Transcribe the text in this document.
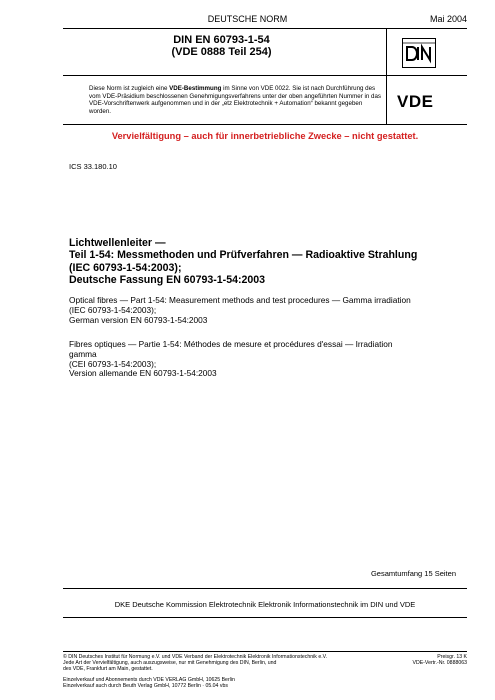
DEUTSCHE NORM	Mai 2004
DIN EN 60793-1-54
(VDE 0888 Teil 254)
Diese Norm ist zugleich eine VDE-Bestimmung im Sinne von VDE 0022. Sie ist nach Durchführung des vom VDE-Präsidium beschlossenen Genehmigungsverfahrens unter der oben angeführten Nummer in das VDE-Vorschriftenwerk aufgenommen und in der „etz Elektrotechnik + Automation“ bekannt gegeben worden.
VDE
Vervielfältigung – auch für innerbetriebliche Zwecke – nicht gestattet.
ICS 33.180.10
Lichtwellenleiter —
Teil 1-54: Messmethoden und Prüfverfahren — Radioaktive Strahlung
(IEC 60793-1-54:2003);
Deutsche Fassung EN 60793-1-54:2003
Optical fibres — Part 1-54: Measurement methods and test procedures — Gamma irradiation
(IEC 60793-1-54:2003);
German version EN 60793-1-54:2003
Fibres optiques — Partie 1-54: Méthodes de mesure et procédures d'essai — Irradiation
gamma
(CEI 60793-1-54:2003);
Version allemande EN 60793-1-54:2003
Gesamtumfang 15 Seiten
DKE Deutsche Kommission Elektrotechnik Elektronik Informationstechnik im DIN und VDE
© DIN Deutsches Institut für Normung e.V. und VDE Verband der Elektrotechnik Elektronik Informationstechnik e.V.
Jede Art der Vervielfältigung, auch auszugsweise, nur mit Genehmigung des DIN, Berlin, und
des VDE, Frankfurt am Main, gestattet.
Preisgr. 13 K
VDE-Vertr.-Nr. 0888063
Einzelverkauf und Abonnements durch VDE VERLAG GmbH, 10625 Berlin
Einzelverkauf auch durch Beuth Verlag GmbH, 10772 Berlin · 05.04 vbs
